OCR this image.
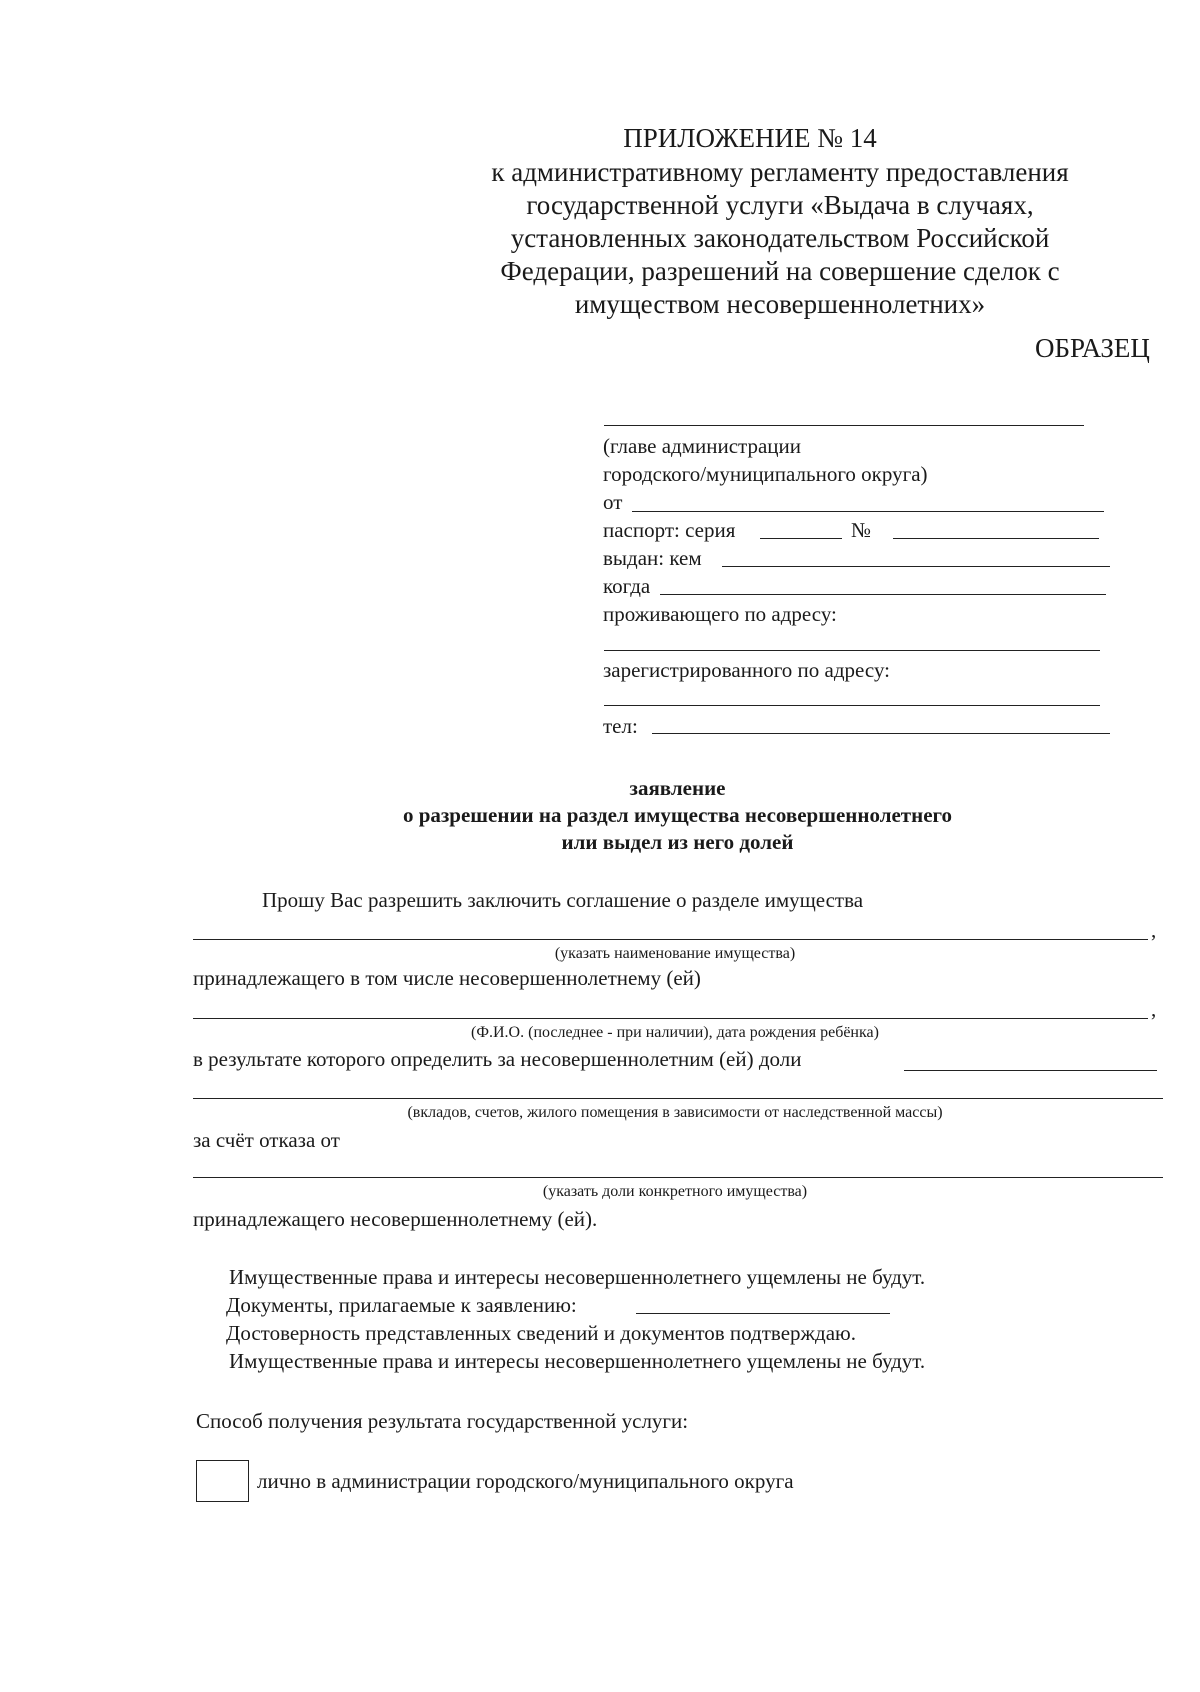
ПРИЛОЖЕНИЕ № 14
к административному регламенту предоставления
государственной услуги «Выдача в случаях,
установленных законодательством Российской
Федерации, разрешений на совершение сделок с
имуществом несовершеннолетних»
ОБРАЗЕЦ
(главе администрации
городского/муниципального округа)
от
паспорт: серия	№
выдан: кем
когда
проживающего по адресу:
зарегистрированного по адресу:
тел:
заявление
о разрешении на раздел имущества несовершеннолетнего
или выдел из него долей
Прошу Вас разрешить заключить соглашение о разделе имущества
,
(указать наименование имущества)
принадлежащего в том числе несовершеннолетнему (ей)
,
(Ф.И.О. (последнее - при наличии), дата рождения ребёнка)
в результате которого определить за несовершеннолетним (ей) доли
(вкладов, счетов, жилого помещения в зависимости от наследственной массы)
за счёт отказа от
(указать доли конкретного имущества)
принадлежащего несовершеннолетнему (ей).
Имущественные права и интересы несовершеннолетнего ущемлены не будут.
Документы, прилагаемые к заявлению:
Достоверность представленных сведений и документов подтверждаю.
Имущественные права и интересы несовершеннолетнего ущемлены не будут.
Способ получения результата государственной услуги:
лично в администрации городского/муниципального округа
